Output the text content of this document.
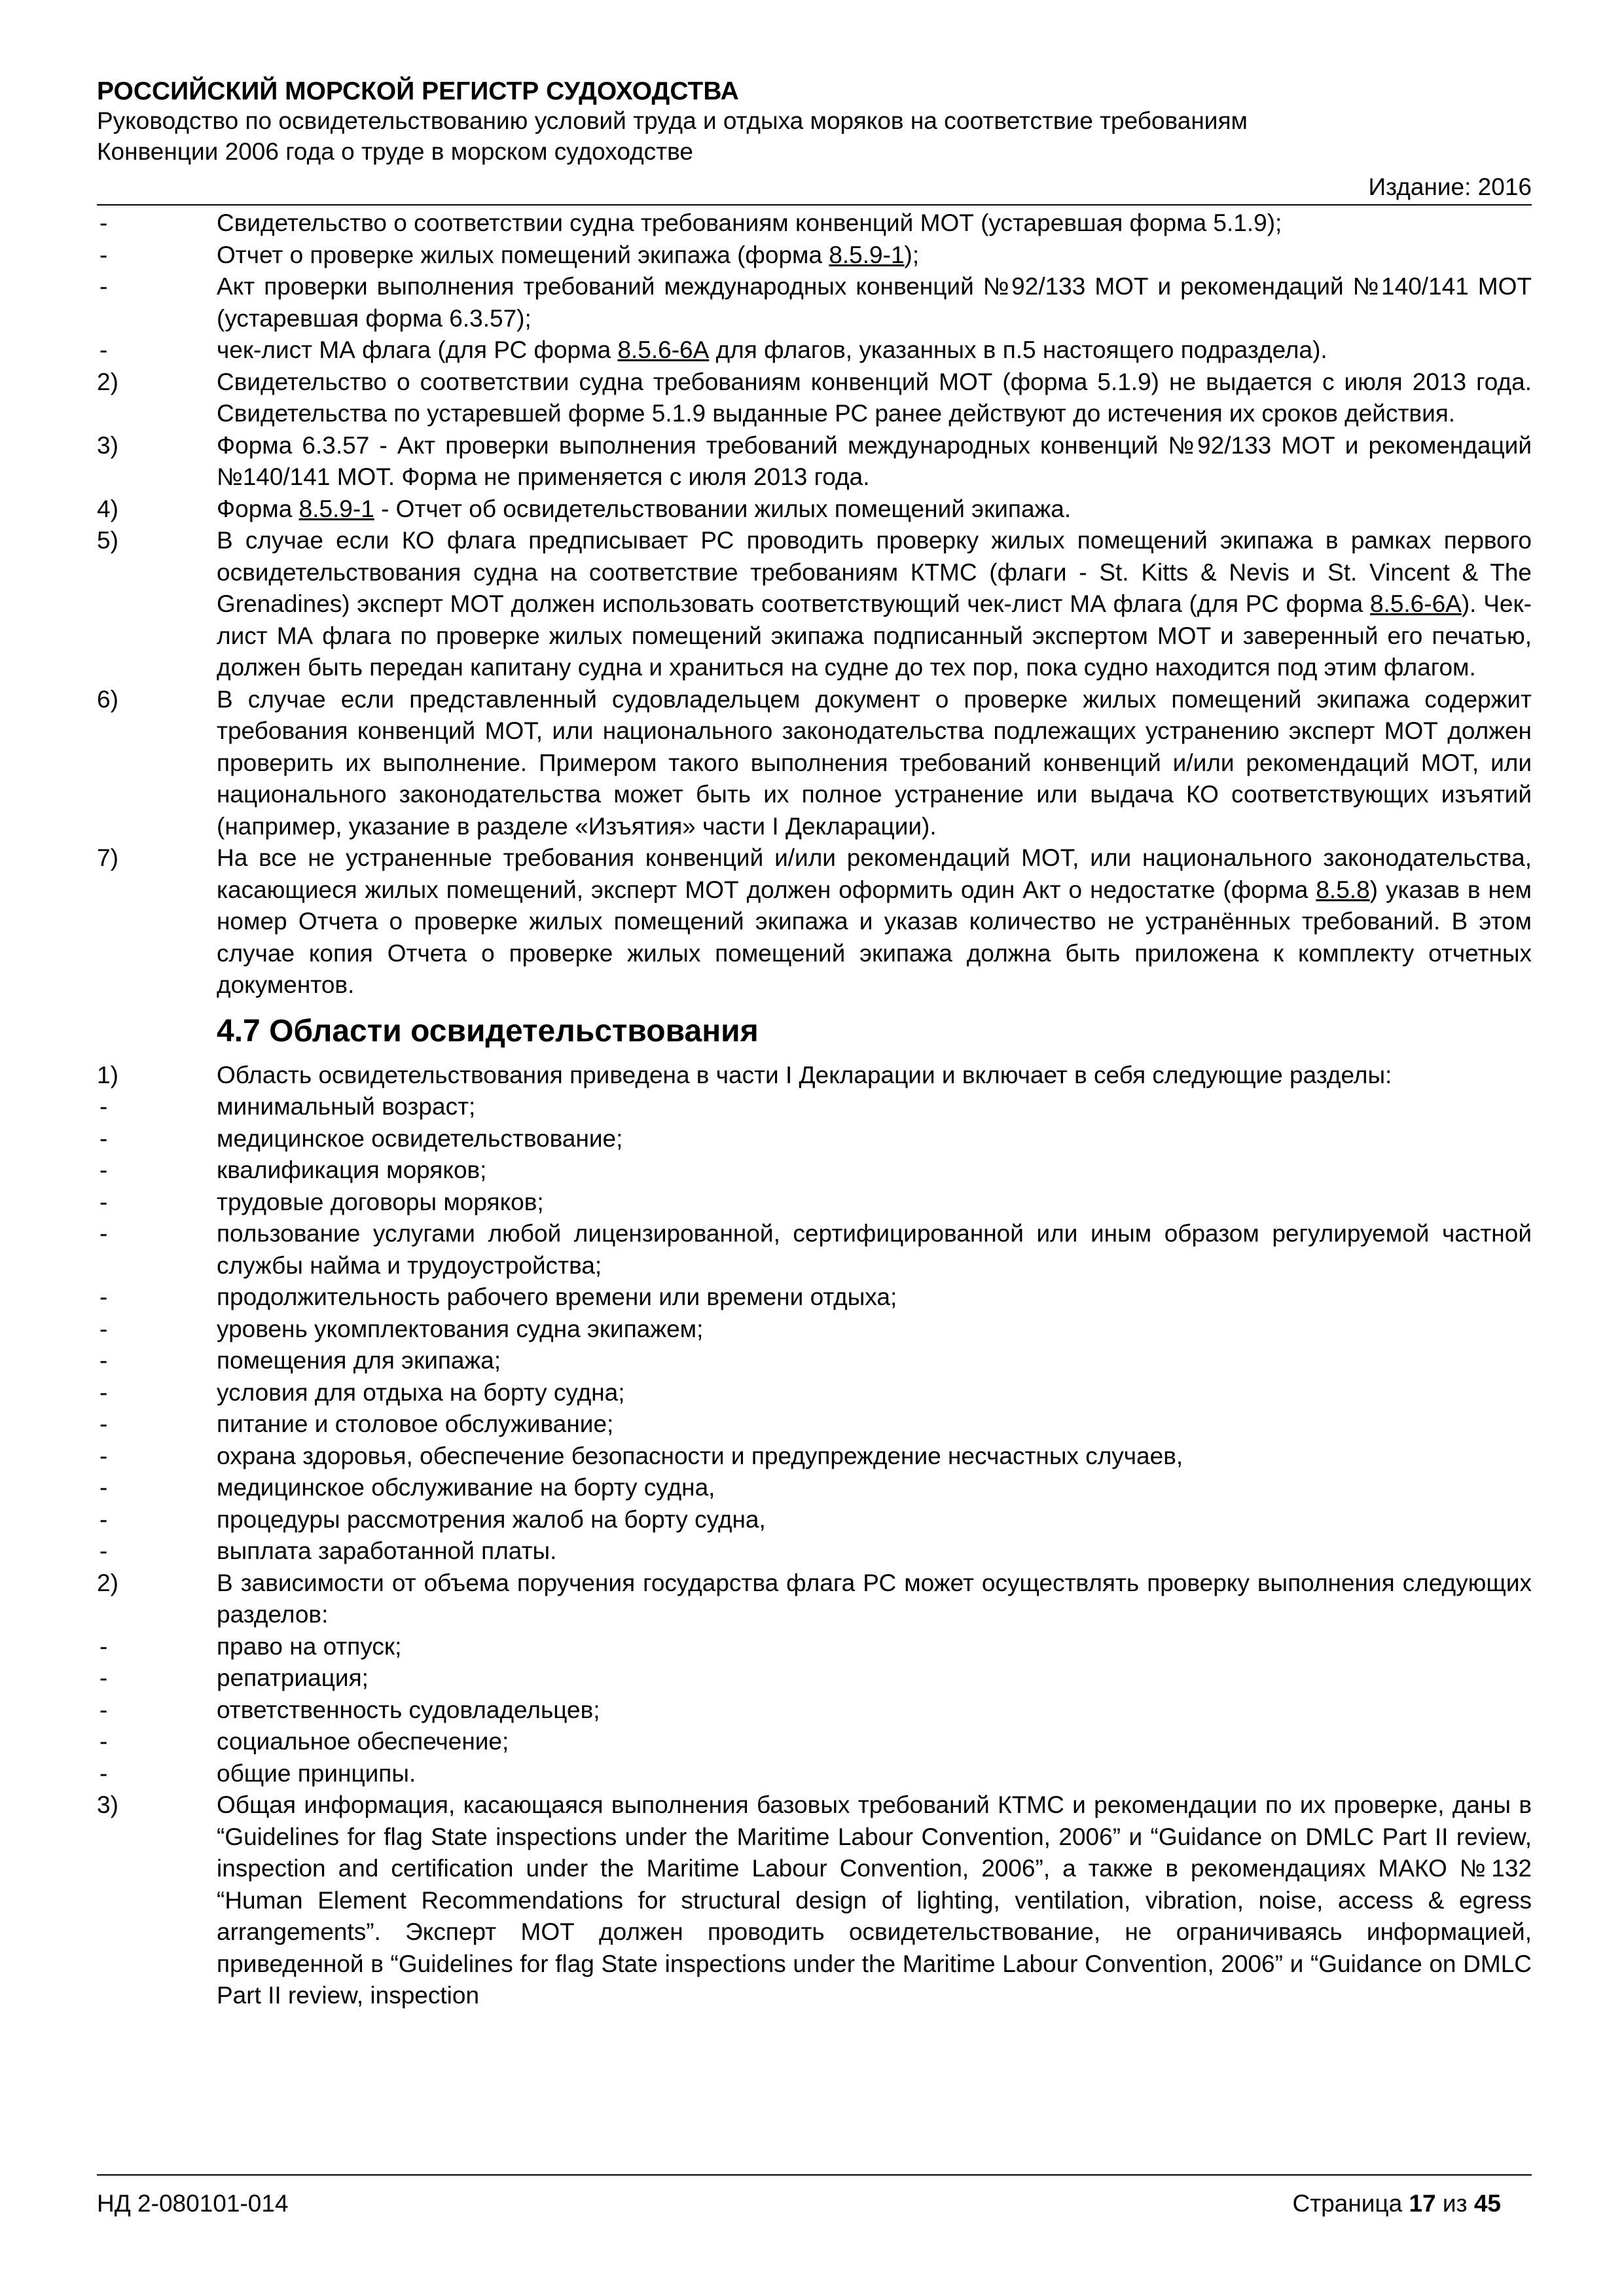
РОССИЙСКИЙ МОРСКОЙ РЕГИСТР СУДОХОДСТВА
Руководство по освидетельствованию условий труда и отдыха моряков на соответствие требованиям
Конвенции 2006 года о труде в морском судоходстве
Издание: 2016
-	Свидетельство о соответствии судна требованиям конвенций МОТ (устаревшая форма 5.1.9);
-	Отчет о проверке жилых помещений экипажа (форма 8.5.9-1);
-	Акт проверки выполнения требований международных конвенций №92/133 МОТ и рекомендаций №140/141 МОТ (устаревшая форма 6.3.57);
-	чек-лист МА флага (для РС форма 8.5.6-6А для флагов, указанных в п.5 настоящего подраздела).
2)	Свидетельство о соответствии судна требованиям конвенций МОТ (форма 5.1.9) не выдается с июля 2013 года. Свидетельства по устаревшей форме 5.1.9 выданные РС ранее действуют до истечения их сроков действия.
3)	Форма 6.3.57 - Акт проверки выполнения требований международных конвенций №92/133 МОТ и рекомендаций №140/141 МОТ. Форма не применяется с июля 2013 года.
4)	Форма 8.5.9-1 - Отчет об освидетельствовании жилых помещений экипажа.
5)	В случае если КО флага предписывает РС проводить проверку жилых помещений экипажа в рамках первого освидетельствования судна на соответствие требованиям КТМС (флаги - St. Kitts & Nevis и St. Vincent & The Grenadines) эксперт МОТ должен использовать соответствующий чек-лист МА флага (для РС форма 8.5.6-6А). Чек-лист МА флага по проверке жилых помещений экипажа подписанный экспертом МОТ и заверенный его печатью, должен быть передан капитану судна и храниться на судне до тех пор, пока судно находится под этим флагом.
6)	В случае если представленный судовладельцем документ о проверке жилых помещений экипажа содержит требования конвенций МОТ, или национального законодательства подлежащих устранению эксперт МОТ должен проверить их выполнение. Примером такого выполнения требований конвенций и/или рекомендаций МОТ, или национального законодательства может быть их полное устранение или выдача КО соответствующих изъятий (например, указание в разделе «Изъятия» части I Декларации).
7)	На все не устраненные требования конвенций и/или рекомендаций МОТ, или национального законодательства, касающиеся жилых помещений, эксперт МОТ должен оформить один Акт о недостатке (форма 8.5.8) указав в нем номер Отчета о проверке жилых помещений экипажа и указав количество не устранённых требований. В этом случае копия Отчета о проверке жилых помещений экипажа должна быть приложена к комплекту отчетных документов.
4.7 Области освидетельствования
1)	Область освидетельствования приведена в части I Декларации и включает в себя следующие разделы:
-	минимальный возраст;
-	медицинское освидетельствование;
-	квалификация моряков;
-	трудовые договоры моряков;
-	пользование услугами любой лицензированной, сертифицированной или иным образом регулируемой частной службы найма и трудоустройства;
-	продолжительность рабочего времени или времени отдыха;
-	уровень укомплектования судна экипажем;
-	помещения для экипажа;
-	условия для отдыха на борту судна;
-	питание и столовое обслуживание;
-	охрана здоровья, обеспечение безопасности и предупреждение несчастных случаев,
-	медицинское обслуживание на борту судна,
-	процедуры рассмотрения жалоб на борту судна,
-	выплата заработанной платы.
2)	В зависимости от объема поручения государства флага РС может осуществлять проверку выполнения следующих разделов:
-	право на отпуск;
-	репатриация;
-	ответственность судовладельцев;
-	социальное обеспечение;
-	общие принципы.
3)	Общая информация, касающаяся выполнения базовых требований КТМС и рекомендации по их проверке, даны в “Guidelines for flag State inspections under the Maritime Labour Convention, 2006” и “Guidance on DMLC Part II review, inspection and certification under the Maritime Labour Convention, 2006”, а также в рекомендациях МАКО №132 “Human Element Recommendations for structural design of lighting, ventilation, vibration, noise, access & egress arrangements”. Эксперт МОТ должен проводить освидетельствование, не ограничиваясь информацией, приведенной в “Guidelines for flag State inspections under the Maritime Labour Convention, 2006” и “Guidance on DMLC Part II review, inspection
НД 2-080101-014	Страница 17 из 45
